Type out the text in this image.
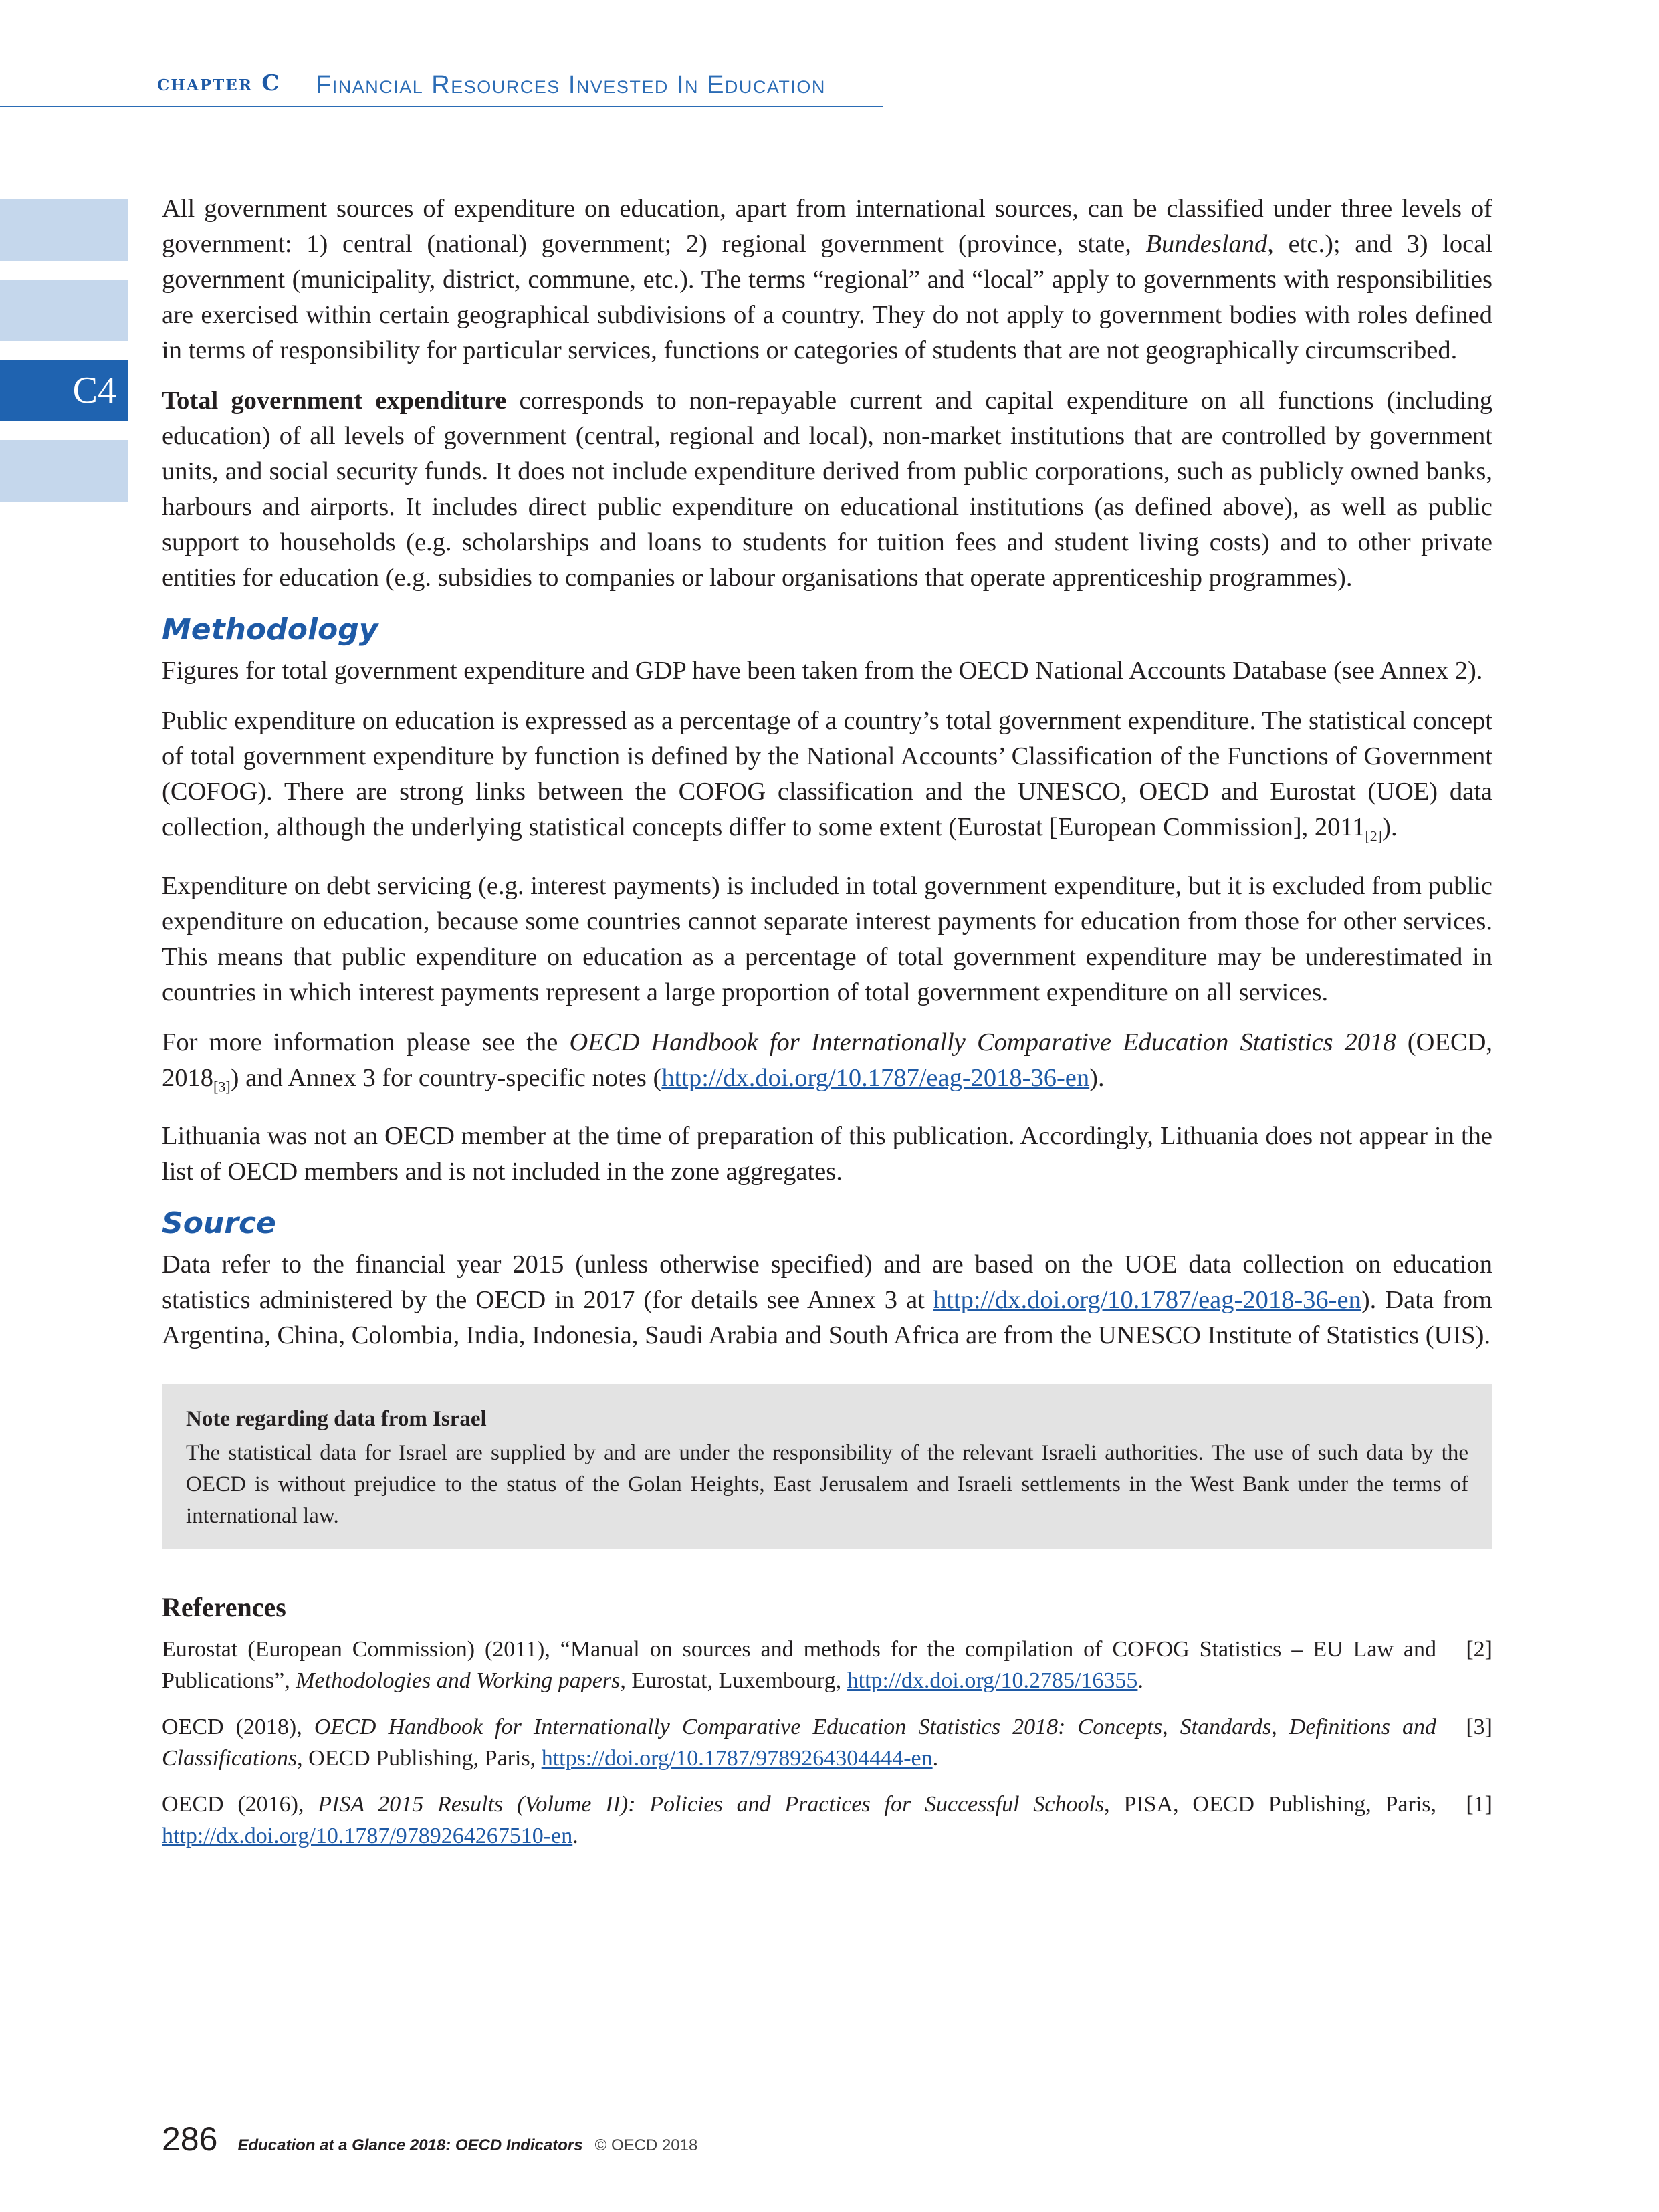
chapter C Financial Resources Invested In Education
C4

All government sources of expenditure on education, apart from international sources, can be classified under three levels of government: 1) central (national) government; 2) regional government (province, state, Bundesland, etc.); and 3) local government (municipality, district, commune, etc.). The terms “regional” and “local” apply to governments with responsibilities are exercised within certain geographical subdivisions of a country. They do not apply to government bodies with roles defined in terms of responsibility for particular services, functions or categories of students that are not geographically circumscribed.

Total government expenditure corresponds to non-repayable current and capital expenditure on all functions (including education) of all levels of government (central, regional and local), non-market institutions that are controlled by government units, and social security funds. It does not include expenditure derived from public corporations, such as publicly owned banks, harbours and airports. It includes direct public expenditure on educational institutions (as defined above), as well as public support to households (e.g. scholarships and loans to students for tuition fees and student living costs) and to other private entities for education (e.g. subsidies to companies or labour organisations that operate apprenticeship programmes).

Methodology

Figures for total government expenditure and GDP have been taken from the OECD National Accounts Database (see Annex 2).

Public expenditure on education is expressed as a percentage of a country’s total government expenditure. The statistical concept of total government expenditure by function is defined by the National Accounts’ Classification of the Functions of Government (COFOG). There are strong links between the COFOG classification and the UNESCO, OECD and Eurostat (UOE) data collection, although the underlying statistical concepts differ to some extent (Eurostat [European Commission], $2011_{[2]}$).

Expenditure on debt servicing (e.g. interest payments) is included in total government expenditure, but it is excluded from public expenditure on education, because some countries cannot separate interest payments for education from those for other services. This means that public expenditure on education as a percentage of total government expenditure may be underestimated in countries in which interest payments represent a large proportion of total government expenditure on all services.

For more information please see the OECD Handbook for Internationally Comparative Education Statistics 2018 (OECD, $2018_{[3]}$) and Annex 3 for country-specific notes (http://dx.doi.org/10.1787/eag-2018-36-en).

Lithuania was not an OECD member at the time of preparation of this publication. Accordingly, Lithuania does not appear in the list of OECD members and is not included in the zone aggregates.

Source

Data refer to the financial year 2015 (unless otherwise specified) and are based on the UOE data collection on education statistics administered by the OECD in 2017 (for details see Annex 3 at http://dx.doi.org/10.1787/eag-2018-36-en). Data from Argentina, China, Colombia, India, Indonesia, Saudi Arabia and South Africa are from the UNESCO Institute of Statistics (UIS).

Note regarding data from Israel
The statistical data for Israel are supplied by and are under the responsibility of the relevant Israeli authorities. The use of such data by the OECD is without prejudice to the status of the Golan Heights, East Jerusalem and Israeli settlements in the West Bank under the terms of international law.
References
Eurostat (European Commission) (2011), “Manual on sources and methods for the compilation of COFOG Statistics – EU Law and Publications”, Methodologies and Working papers, Eurostat, Luxembourg, http://dx.doi.org/10.2785/16355.
[2]
OECD (2018), OECD Handbook for Internationally Comparative Education Statistics 2018: Concepts, Standards, Definitions and Classifications, OECD Publishing, Paris, https://doi.org/10.1787/9789264304444-en.
[3]
OECD (2016), PISA 2015 Results (Volume II): Policies and Practices for Successful Schools, PISA, OECD Publishing, Paris, http://dx.doi.org/10.1787/9789264267510-en.
[1]
286 Education at a Glance 2018: OECD Indicators © OECD 2018
